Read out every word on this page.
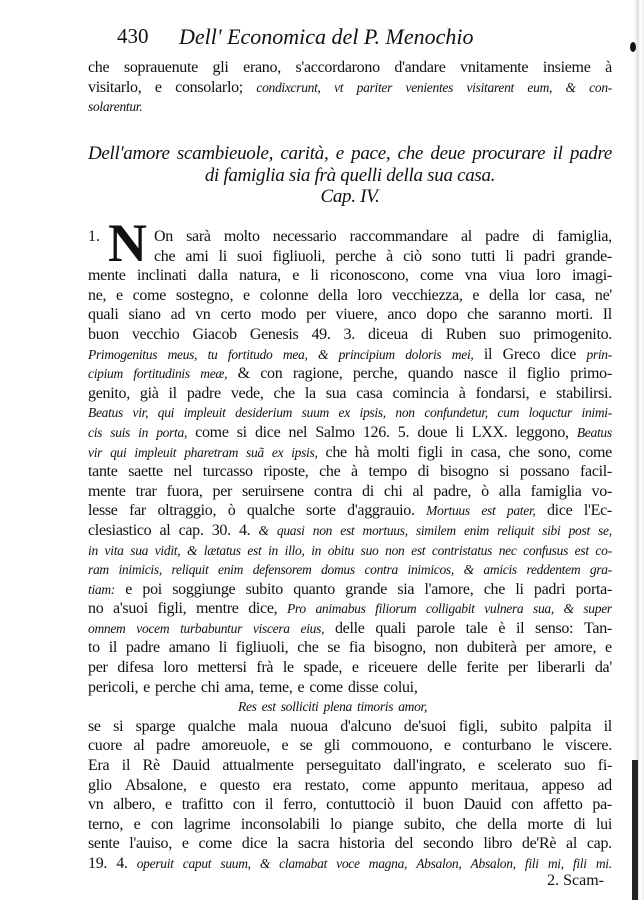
430 Dell' Economica del P. Menochio
che soprauenute gli erano, s'accordarono d'andare vnitamente insieme à
visitarlo, e consolarlo; condixcrunt, vt pariter venientes visitarent eum, & con-
solarentur.
Dell'amore scambieuole, carità, e pace, che deue procurare il padre
di famiglia sia frà quelli della sua casa.
Cap. IV.
1. N On sarà molto necessario raccommandare al padre di famiglia,
che ami li suoi figliuoli, perche à ciò sono tutti li padri grande-
mente inclinati dalla natura, e li riconoscono, come vna viua loro imagi-
ne, e come sostegno, e colonne della loro vecchiezza, e della lor casa, ne'
quali siano ad vn certo modo per viuere, anco dopo che saranno morti. Il
buon vecchio Giacob Genesis 49. 3. diceua di Ruben suo primogenito.
Primogenitus meus, tu fortitudo mea, & principium doloris mei, il Greco dice prin-
cipium fortitudinis meæ, & con ragione, perche, quando nasce il figlio primo-
genito, già il padre vede, che la sua casa comincia à fondarsi, e stabilirsi.
Beatus vir, qui impleuit desiderium suum ex ipsis, non confundetur, cum loquctur inimi-
cis suis in porta, come si dice nel Salmo 126. 5. doue li LXX. leggono, Beatus
vir qui impleuit pharetram suã ex ipsis, che hà molti figli in casa, che sono, come
tante saette nel turcasso riposte, che à tempo di bisogno si possano facil-
mente trar fuora, per seruirsene contra di chi al padre, ò alla famiglia vo-
lesse far oltraggio, ò qualche sorte d'aggrauio. Mortuus est pater, dice l'Ec-
clesiastico al cap. 30. 4. & quasi non est mortuus, similem enim reliquit sibi post se,
in vita sua vidit, & lætatus est in illo, in obitu suo non est contristatus nec confusus est co-
ram inimicis, reliquit enim defensorem domus contra inimicos, & amicis reddentem gra-
tiam: e poi soggiunge subito quanto grande sia l'amore, che li padri porta-
no a'suoi figli, mentre dice, Pro animabus filiorum colligabit vulnera sua, & super
omnem vocem turbabuntur viscera eius, delle quali parole tale è il senso: Tan-
to il padre amano li figliuoli, che se fia bisogno, non dubiterà per amore, e
per difesa loro mettersi frà le spade, e riceuere delle ferite per liberarli da'
pericoli, e perche chi ama, teme, e come disse colui,
Res est solliciti plena timoris amor,
se si sparge qualche mala nuoua d'alcuno de'suoi figli, subito palpita il
cuore al padre amoreuole, e se gli commouono, e conturbano le viscere.
Era il Rè Dauid attualmente perseguitato dall'ingrato, e scelerato suo fi-
glio Absalone, e questo era restato, come appunto meritaua, appeso ad
vn albero, e trafitto con il ferro, contuttociò il buon Dauid con affetto pa-
terno, e con lagrime inconsolabili lo piange subito, che della morte di lui
sente l'auiso, e come dice la sacra historia del secondo libro de'Rè al cap.
19. 4. operuit caput suum, & clamabat voce magna, Absalon, Absalon, fili mi, fili mi.
2. Scam-
